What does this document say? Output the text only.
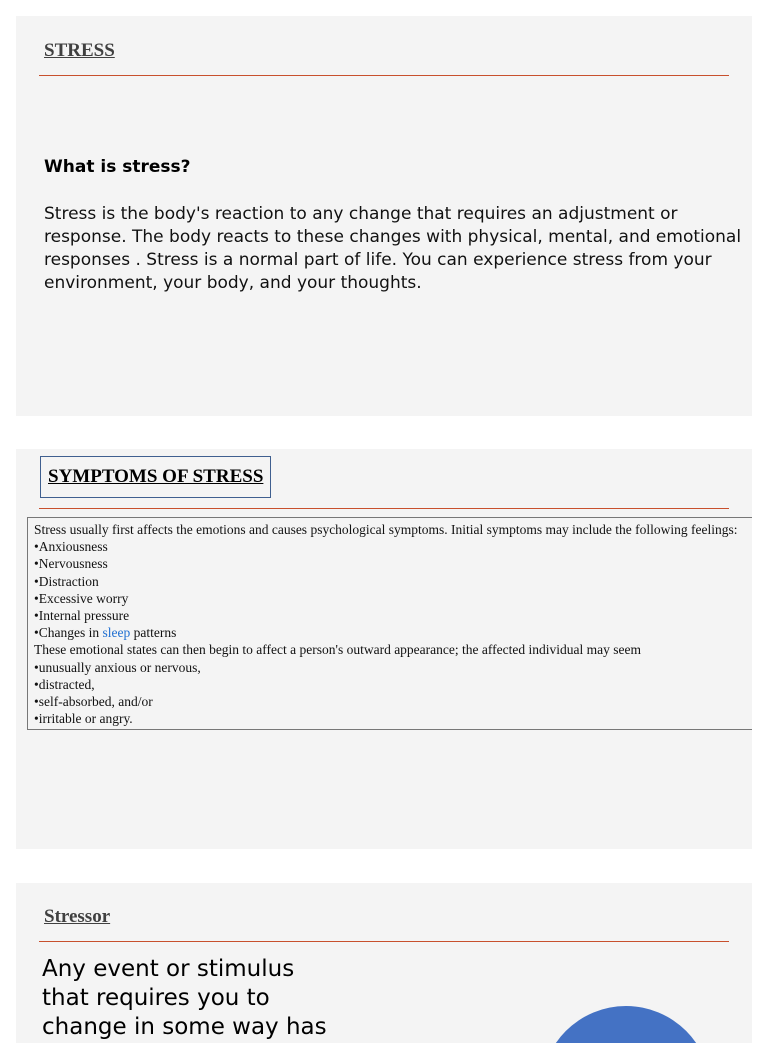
STRESS
What is stress?
Stress is the body's reaction to any change that requires an adjustment or response. The body reacts to these changes with physical, mental, and emotional responses . Stress is a normal part of life. You can experience stress from your environment, your body, and your thoughts.
SYMPTOMS OF STRESS
Stress usually first affects the emotions and causes psychological symptoms. Initial symptoms may include the following feelings:
•Anxiousness
•Nervousness
•Distraction
•Excessive worry
•Internal pressure
•Changes in sleep patterns
These emotional states can then begin to affect a person's outward appearance; the affected individual may seem
•unusually anxious or nervous,
•distracted,
•self-absorbed, and/or
•irritable or angry.
Stressor
Any event or stimulus that requires you to change in some way has
